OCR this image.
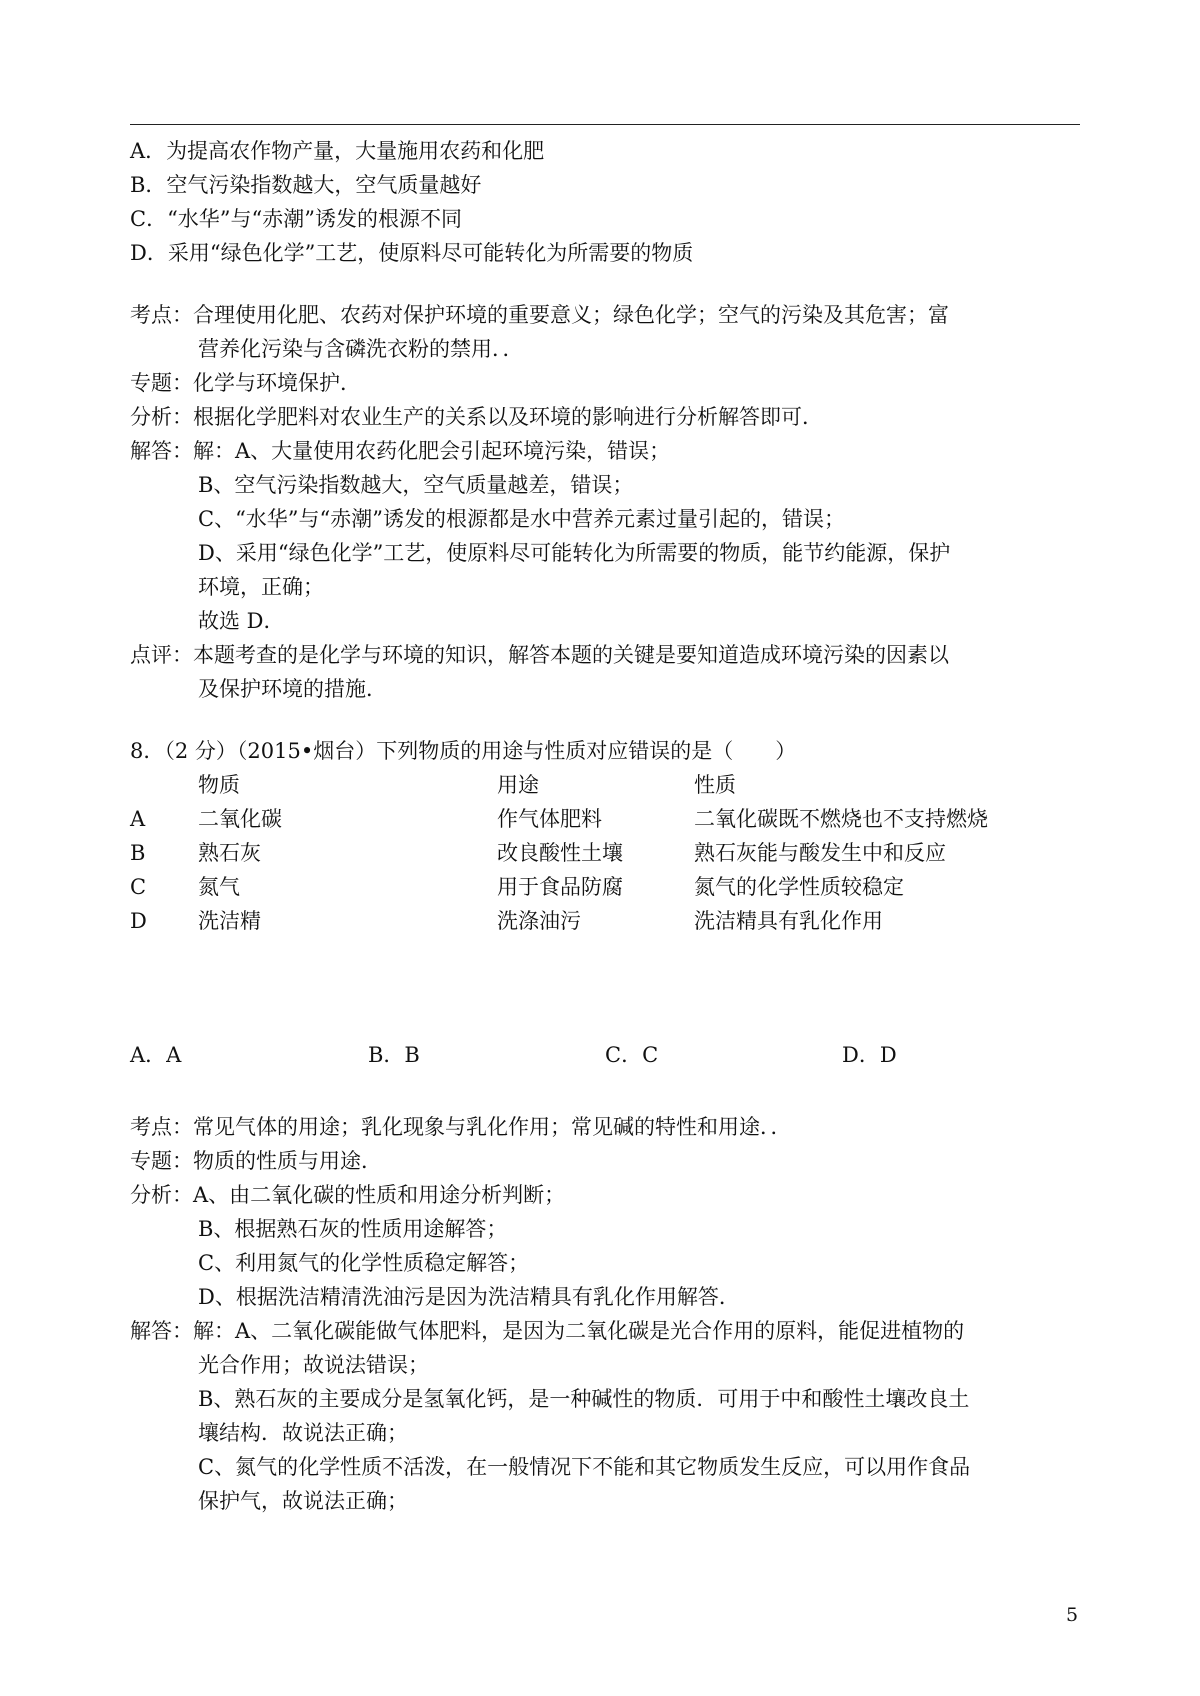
A．为提高农作物产量，大量施用农药和化肥
B．空气污染指数越大，空气质量越好
C．“水华”与“赤潮”诱发的根源不同
D．采用“绿色化学”工艺，使原料尽可能转化为所需要的物质
考点：合理使用化肥、农药对保护环境的重要意义；绿色化学；空气的污染及其危害；富
营养化污染与含磷洗衣粉的禁用．．
专题：化学与环境保护．
分析：根据化学肥料对农业生产的关系以及环境的影响进行分析解答即可．
解答：解：A、大量使用农药化肥会引起环境污染，错误；
B、空气污染指数越大，空气质量越差，错误；
C、“水华”与“赤潮”诱发的根源都是水中营养元素过量引起的，错误；
D、采用“绿色化学”工艺，使原料尽可能转化为所需要的物质，能节约能源，保护
环境，正确；
故选 D．
点评：本题考查的是化学与环境的知识，解答本题的关键是要知道造成环境污染的因素以
及保护环境的措施．
8．（2 分）（2015•烟台）下列物质的用途与性质对应错误的是（　　）
物质	用途	性质
A	二氧化碳	作气体肥料	二氧化碳既不燃烧也不支持燃烧
B	熟石灰	改良酸性土壤	熟石灰能与酸发生中和反应
C 氮气	用于食品防腐	氮气的化学性质较稳定
D 洗洁精	洗涤油污	洗洁精具有乳化作用
A．A	B．B	C．C	D．D
考点：常见气体的用途；乳化现象与乳化作用；常见碱的特性和用途．．
专题：物质的性质与用途．
分析：A、由二氧化碳的性质和用途分析判断；
B、根据熟石灰的性质用途解答；
C、利用氮气的化学性质稳定解答；
D、根据洗洁精清洗油污是因为洗洁精具有乳化作用解答．
解答：解：A、二氧化碳能做气体肥料，是因为二氧化碳是光合作用的原料，能促进植物的
光合作用；故说法错误；
B、熟石灰的主要成分是氢氧化钙，是一种碱性的物质．可用于中和酸性土壤改良土
壤结构．故说法正确；
C、氮气的化学性质不活泼，在一般情况下不能和其它物质发生反应，可以用作食品
保护气，故说法正确；
5
